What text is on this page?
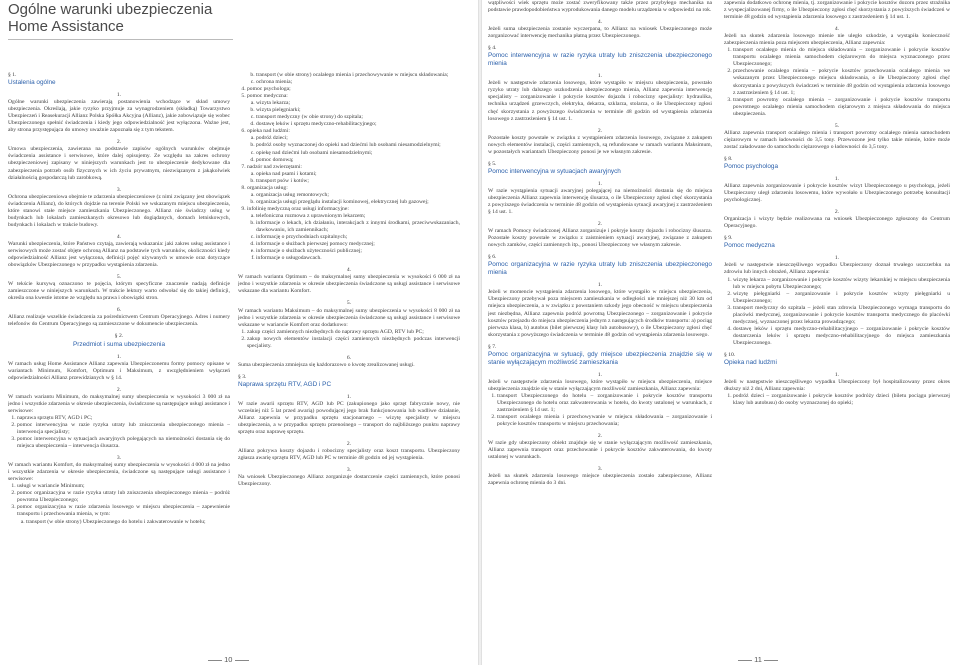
Ogólne warunki ubezpieczenia
Home Assistance

§ 1.

Ustalenia ogólne

1.

Ogólne warunki ubezpieczenia zawierają postanowienia wchodzące w skład umowy ubezpieczenia. Określają, jakie ryzyko przyjmuje za wynagrodzeniem (składką) Towarzystwo Ubezpieczeń i Reasekuracji Allianz Polska Spółka Akcyjna (Allianz), jakie zobowiązuje się wobec Ubezpieczonego spełnić świadczenia i kiedy jego odpowiedzialność jest wyłączona. Ważne jest, aby strona przystępująca do umowy uważnie zapoznała się z tym tekstem.

2.

Umowa ubezpieczenia, zawierana na podstawie zapisów ogólnych warunków obejmuje świadczenia assistance i serwisowe, które dalej opisujemy. Ze względu na zakres ochrony ubezpieczeniowej zapisany w niniejszych warunkach jest to ubezpieczenie dedykowane dla zabezpieczenia potrzeb osób fizycznych w ich życiu prywatnym, niezwiązanym z jakąkolwiek działalnością gospodarczą lub zarobkową.

3.

Ochrona ubezpieczeniowa obejmie te zdarzenia ubezpieczeniowe (z nimi związany jest obowiązek świadczenia Allianz), do których dojdzie na terenie Polski we wskazanym miejscu ubezpieczenia, które stanowi stałe miejsce zamieszkania Ubezpieczonego. Allianz nie świadczy usług w budynkach lub lokalach zamieszkanych okresowo lub dogiądanych, domach letniskowych, budynkach i lokalach w trakcie budowy.

4.

Warunki ubezpieczenia, które Państwo czytają, zawierają wskazania: jaki zakres usług assistance i serwisowych może zostać objęte ochroną Allianz na podstawie tych warunków, okoliczności kiedy odpowiedzialność Allianz jest wyłączona, definicji pojęć używanych w umowie oraz dotyczące obowiązków Ubezpieczonego w przypadku wystąpienia zdarzenia.

5.

W tekście kursywą oznaczono te pojęcia, którym specyficzne znaczenie nadają definicje zamieszczone w niniejszych warunkach. W trakcie lektury warto odwołać się do takiej definicji, określa ona kwestie istotne ze względu na prawa i obowiązki stron.

6.

Allianz realizuje wszelkie świadczenia za pośrednictwem Centrum Operacyjnego. Adres i numery telefonów do Centrum Operacyjnego są zamieszczone w dokumencie ubezpieczenia.

§ 2.

Przedmiot i suma ubezpieczenia

1.

W ramach usług Home Assistance Allianz zapewnia Ubezpieczonemu formy pomocy opisane w wariantach Minimum, Komfort, Optimum i Maksimum, z uwzględnieniem wyłączeń odpowiedzialności Allianz przewidzianych w § 14.

2.

W ramach wariantu Minimum, do maksymalnej sumy ubezpieczenia w wysokości 3 000 zł na jedno i wszystkie zdarzenia w okresie ubezpieczenia, świadczone są następujące usługi assistance i serwisowe:

1. naprawa sprzętu RTV, AGD i PC;
2. pomoc interwencyjna w razie ryzyka utraty lub zniszczenia ubezpieczonego mienia – interwencja specjalisty;
3. pomoc interwencyjna w sytuacjach awaryjnych polegających na niemożności dostania się do miejsca ubezpieczenia – interwencja ślusarza.

3.

W ramach wariantu Komfort, do maksymalnej sumy ubezpieczenia w wysokości 4 000 zł na jedno i wszystkie zdarzenia w okresie ubezpieczenia, świadczone są następujące usługi assistance i serwisowe:

1. usługi w wariancie Minimum;
2. pomoc organizacyjna w razie ryzyka utraty lub zniszczenia ubezpieczonego mienia – podróż powrotna Ubezpieczonego;
3. pomoc organizacyjna w razie zdarzenia losowego w miejscu ubezpieczenia – zapewnienie transportu i przechowania mienia, w tym:
a. transport (w obie strony) Ubezpieczonego do hotelu i zakwaterowanie w hotelu;
b. transport (w obie strony) ocalałego mienia i przechowywanie w miejscu składowania;
c. ochrona mienia;
4. pomoc psychologa;
5. pomoc medyczna:
a. wizyta lekarza;
b. wizyta pielęgniarki;
c. transport medyczny (w obie strony) do szpitala;
d. dostawę leków i sprzętu medyczno-rehabilitacyjnego;
6. opieka nad ludźmi:
a. podróż dzieci;
b. podróż osoby wyznaczonej do opieki nad dziećmi lub osobami niesamodzielnymi;
c. opiekę nad dziećmi lub osobami niesamodzielnymi;
d. pomoc domową;
7. nadzór nad zwierzętami:
a. opieka nad psami i kotami;
b. transport psów i kotów;
8. organizacja usług:
a. organizacja usług remontowych;
b. organizacja usługi przeglądu instalacji kominowej, elektrycznej lub gazowej;
9. infolinię medyczną oraz usługi informacyjne:
a. telefoniczna rozmowa z uprawnionym lekarzem;
b. informacje o lekach, ich działaniu, interakcjach z innymi środkami, przeciwwskazaniach, dawkowaniu, ich zamiennikach;
c. informację o przychodniach szpitalnych;
d. informacje o służbach pierwszej pomocy medycznej;
e. informacje o służbach użyteczności publicznej;
f. informacje o usługodawcach.

4.

W ramach wariantu Optimum – do maksymalnej sumy ubezpieczenia w wysokości 6 000 zł na jedno i wszystkie zdarzenia w okresie ubezpieczenia świadczone są usługi assistance i serwisowe wskazane dla wariantu Komfort.

5.

W ramach wariantu Maksimum – do maksymalnej sumy ubezpieczenia w wysokości 8 000 zł na jedno i wszystkie zdarzenia w okresie ubezpieczenia świadczone są usługi assistance i serwisowe wskazane w wariancie Komfort oraz dodatkowo:

1. zakup części zamiennych niezbędnych do naprawy sprzętu AGD, RTV lub PC;
2. zakup nowych elementów instalacji części zamiennych niezbędnych podczas interwencji specjalisty.

6.

Suma ubezpieczenia zmniejsza się każdorazowo o kwotę zrealizowanej usługi.

§ 3.

Naprawa sprzętu RTV, AGD i PC

1.

W razie awarii sprzętu RTV, AGD lub PC (zakupionego jako sprzęt fabrycznie nowy, nie wcześniej niż 5 lat przed awarią) powodującej jego brak funkcjonowania lub wadliwe działanie, Allianz zapewnia w przypadku sprzętu stacjonarnego – wizytę specjalisty w miejscu ubezpieczenia, a w przypadku sprzętu przenośnego – transport do najbliższego punktu naprawy sprzętu oraz naprawę sprzętu.

2.

Allianz pokrywa koszty dojazdu i robocizny specjalisty oraz koszt transportu. Ubezpieczony zgłasza awarię sprzętu RTV, AGD lub PC w terminie 48 godzin od jej wystąpienia.

3.

Na wniosek Ubezpieczonego Allianz zorganizuje dostarczenie części zamiennych, które ponosi Ubezpieczony.

10

wątpliwości wiek sprzętu może zostać zweryfikowany także przez przybyłego mechanika na podstawie prawdopodobieństwa wyprodukowania danego modelu urządzenia w odpowiedzi na rok.

4.

Jeżeli suma ubezpieczenia zostanie wyczerpana, to Allianz na wniosek Ubezpieczonego może zorganizować interwencję mechanika płatną przez Ubezpieczonego.

§ 4.

Pomoc interwencyjna w razie ryzyka utraty lub zniszczenia ubezpieczonego mienia

1.

Jeżeli w następstwie zdarzenia losowego, które wystąpiło w miejscu ubezpieczenia, powstało ryzyko utraty lub dalszego uszkodzenia ubezpieczonego mienia, Allianz zapewnia interwencję specjalisty – zorganizowanie i pokrycie kosztów dojazdu i robocizny specjalisty: hydraulika, technika urządzeń grzewczych, elektryka, dekarza, szklarza, stolarza, o ile Ubezpieczony zgłosi chęć skorzystania z powyższego świadczenia w terminie 48 godzin od wystąpienia zdarzenia losowego z zastrzeżeniem § 14 ust. 1.

2.

Pozostałe koszty powstałe w związku z wystąpieniem zdarzenia losowego, związane z zakupem nowych elementów instalacji, części zamiennych, są refundowane w ramach wariantu Maksimum, w pozostałych wariantach Ubezpieczony ponosi je we własnym zakresie.

§ 5.

Pomoc interwencyjna w sytuacjach awaryjnych

1.

W razie wystąpienia sytuacji awaryjnej polegającej na niemożności dostania się do miejsca ubezpieczenia Allianz zapewnia interwencję ślusarza, o ile Ubezpieczony zgłosi chęć skorzystania z powyższego świadczenia w terminie 48 godzin od wystąpienia sytuacji awaryjnej z zastrzeżeniem § 14 ust. 1.

2.

W ramach Pomocy świadczonej Allianz zorganizuje i pokryje koszty dojazdu i robocizny ślusarza. Pozostałe koszty powstałe w związku z zaistnieniem sytuacji awaryjnej, związane z zakupem nowych zamków, części zamiennych itp., ponosi Ubezpieczony we własnym zakresie.

§ 6.

Pomoc organizacyjna w razie ryzyka utraty lub zniszczenia ubezpieczonego mienia

1.

Jeżeli w momencie wystąpienia zdarzenia losowego, które wystąpiło w miejscu ubezpieczenia, Ubezpieczony przebywał poza miejscem zamieszkania w odległości nie mniejszej niż 30 km od miejsca ubezpieczenia, a w związku z powstaniem szkody jego obecność w miejscu ubezpieczenia jest niezbędna, Allianz zapewnia podróż powrotną Ubezpieczonego – zorganizowanie i pokrycie kosztów przejazdu do miejsca ubezpieczenia jednym z następujących środków transportu: a) pociąg pierwsza klasa, b) autobus (bilet pierwszej klasy lub autobusowy), o ile Ubezpieczony zgłosi chęć skorzystania z powyższego świadczenia w terminie 48 godzin od wystąpienia zdarzenia losowego.

§ 7.

Pomoc organizacyjna w sytuacji, gdy miejsce ubezpieczenia znajdzie się w stanie wyłączającym możliwość zamieszkania

1.

Jeżeli w następstwie zdarzenia losowego, które wystąpiło w miejscu ubezpieczenia, miejsce ubezpieczenia znajdzie się w stanie wyłączającym możliwość zamieszkania, Allianz zapewnia:

1. transport Ubezpieczonego do hotelu – zorganizowanie i pokrycie kosztów transportu Ubezpieczonego do hotelu oraz zakwaterowania w hotelu, do kwoty ustalonej w warunkach, z zastrzeżeniem § 14 ust. 1;
2. transport ocalałego mienia i przechowywanie w miejscu składowania – zorganizowanie i pokrycie kosztów transportu w miejscu przechowania;

2.

W razie gdy ubezpieczony obiekt znajduje się w stanie wyłączającym możliwość zamieszkania, Allianz zapewnia transport oraz przechowanie i pokrycie kosztów zakwaterowania, do kwoty ustalonej w warunkach.

3.

Jeżeli na skutek zdarzenia losowego miejsce ubezpieczenia zostało zabezpieczone, Allianz zapewnia ochronę mienia do 3 dni.

zapewnia dodatkowo ochronę mienia, tj. zorganizowanie i pokrycie kosztów dozoru przez strażnika z wyspecjalizowanej firmy, o ile Ubezpieczony zgłosi chęć skorzystania z powyższych świadczeń w terminie 48 godzin od wystąpienia zdarzenia losowego z zastrzeżeniem § 14 ust. 1.

4.

Jeżeli na skutek zdarzenia losowego mienie nie uległo szkodzie, a wystąpiła konieczność zabezpieczenia mienia poza miejscem ubezpieczenia, Allianz zapewnia:

1. transport ocalałego mienia do miejsca składowania – zorganizowanie i pokrycie kosztów transportu ocalałego mienia samochodem ciężarowym do miejsca wyznaczonego przez Ubezpieczonego;
2. przechowanie ocalałego mienia – pokrycie kosztów przechowania ocalałego mienia we wskazanym przez Ubezpieczonego miejscu składowania, o ile Ubezpieczony zgłosi chęć skorzystania z powyższych świadczeń w terminie 48 godzin od wystąpienia zdarzenia losowego z zastrzeżeniem § 14 ust. 1;
3. transport powrotny ocalałego mienia – zorganizowanie i pokrycie kosztów transportu powrotnego ocalałego mienia samochodem ciężarowym z miejsca składowania do miejsca ubezpieczenia.

5.

Allianz zapewnia transport ocalałego mienia i transport powrotny ocalałego mienia samochodem ciężarowym w ramach ładowności do 3,5 tony. Przewozone jest tylko takie mienie, które może zostać załadowane do samochodu ciężarowego o ładowności do 3,5 tony.

§ 8.

Pomoc psychologa

1.

Allianz zapewnia zorganizowanie i pokrycie kosztów wizyt Ubezpieczonego u psychologa, jeżeli Ubezpieczony uległ zdarzeniu losowemu, które wywołało u Ubezpieczonego potrzebę konsultacji psychologicznej.

2.

Organizacja i wizyty będzie realizowana na wniosek Ubezpieczonego zgłoszony do Centrum Operacyjnego.

§ 9.

Pomoc medyczna

1.

Jeżeli w następstwie nieszczęśliwego wypadku Ubezpieczony doznał trwałego uszczerbku na zdrowiu lub innych obrażeń, Allianz zapewnia:

1. wizytę lekarza – zorganizowanie i pokrycie kosztów wizyty lekarskiej w miejscu ubezpieczenia lub w miejscu pobytu Ubezpieczonego;
2. wizytę pielęgniarki – zorganizowanie i pokrycie kosztów wizyty pielęgniarki u Ubezpieczonego;
3. transport medyczny do szpitala – jeżeli stan zdrowia Ubezpieczonego wymaga transportu do placówki medycznej, zorganizowanie i pokrycie kosztów transportu medycznego do placówki medycznej, wyznaczonej przez lekarza prowadzącego;
4. dostawę leków i sprzętu medyczno-rehabilitacyjnego – zorganizowanie i pokrycie kosztów dostarczenia leków i sprzętu medyczno-rehabilitacyjnego do miejsca zamieszkania Ubezpieczonego.

§ 10.

Opieka nad ludźmi

1.

Jeżeli w następstwie nieszczęśliwego wypadku Ubezpieczony był hospitalizowany przez okres dłuższy niż 2 dni, Allianz zapewnia:

1. podróż dzieci – zorganizowanie i pokrycie kosztów podróży dzieci (biletu pociągu pierwszej klasy lub autobusu) do osoby wyznaczonej do opieki;
11
